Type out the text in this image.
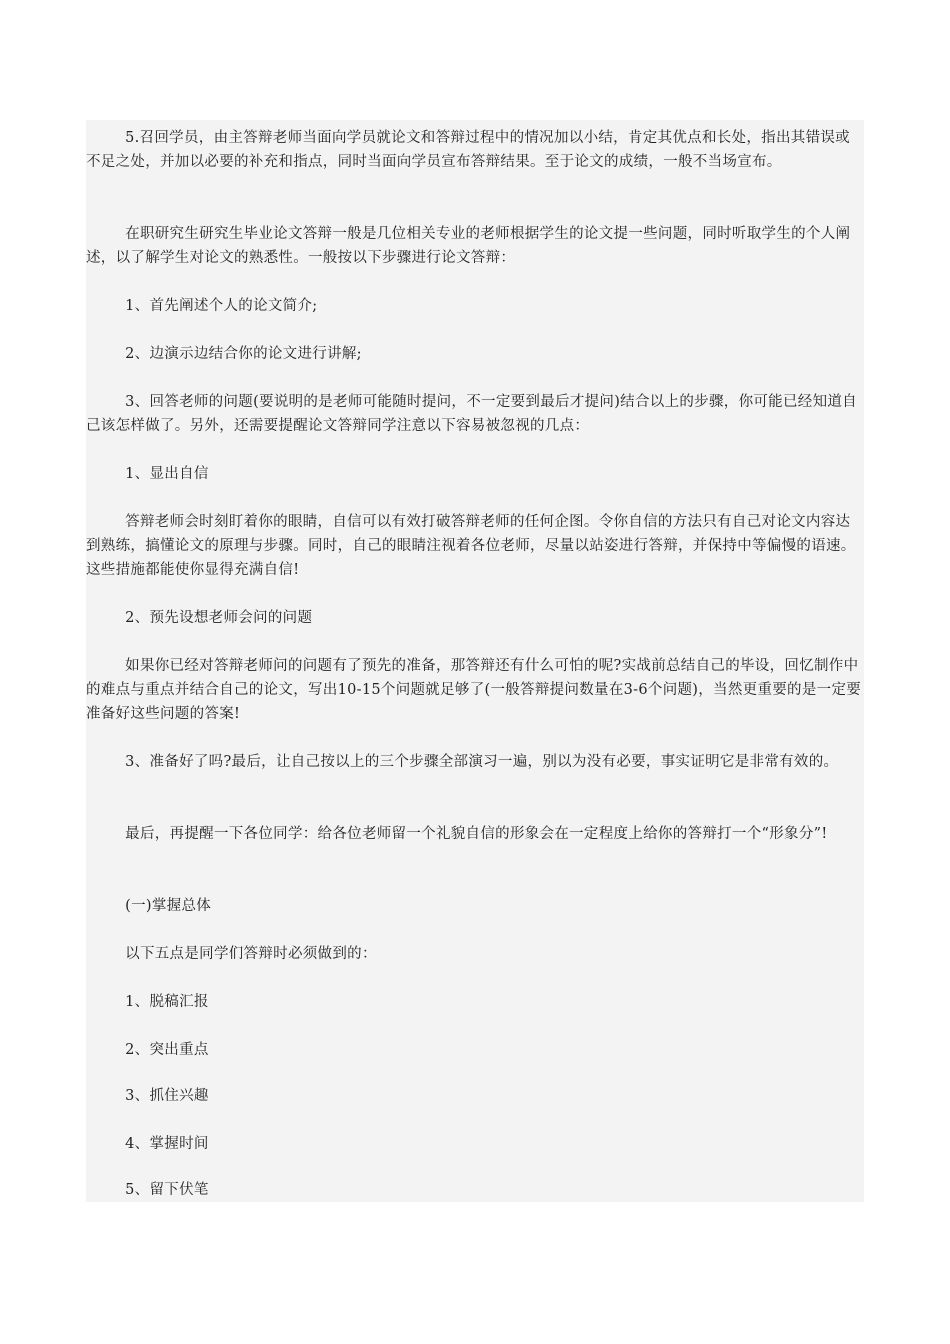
5.召回学员，由主答辩老师当面向学员就论文和答辩过程中的情况加以小结，肯定其优点和长处，指出其错误或不足之处，并加以必要的补充和指点，同时当面向学员宣布答辩结果。至于论文的成绩，一般不当场宣布。

在职研究生研究生毕业论文答辩一般是几位相关专业的老师根据学生的论文提一些问题，同时听取学生的个人阐述，以了解学生对论文的熟悉性。一般按以下步骤进行论文答辩：

1、首先阐述个人的论文简介;

2、边演示边结合你的论文进行讲解;

3、回答老师的问题(要说明的是老师可能随时提问，不一定要到最后才提问)结合以上的步骤，你可能已经知道自己该怎样做了。另外，还需要提醒论文答辩同学注意以下容易被忽视的几点：

1、显出自信

答辩老师会时刻盯着你的眼睛，自信可以有效打破答辩老师的任何企图。令你自信的方法只有自己对论文内容达到熟练，搞懂论文的原理与步骤。同时，自己的眼睛注视着各位老师，尽量以站姿进行答辩，并保持中等偏慢的语速。这些措施都能使你显得充满自信!

2、预先设想老师会问的问题

如果你已经对答辩老师问的问题有了预先的准备，那答辩还有什么可怕的呢?实战前总结自己的毕设，回忆制作中的难点与重点并结合自己的论文，写出10-15个问题就足够了(一般答辩提问数量在3-6个问题)，当然更重要的是一定要准备好这些问题的答案!

3、准备好了吗?最后，让自己按以上的三个步骤全部演习一遍，别以为没有必要，事实证明它是非常有效的。

最后，再提醒一下各位同学：给各位老师留一个礼貌自信的形象会在一定程度上给你的答辩打一个“形象分”!

(一)掌握总体

以下五点是同学们答辩时必须做到的：

1、脱稿汇报

2、突出重点

3、抓住兴趣

4、掌握时间

5、留下伏笔
